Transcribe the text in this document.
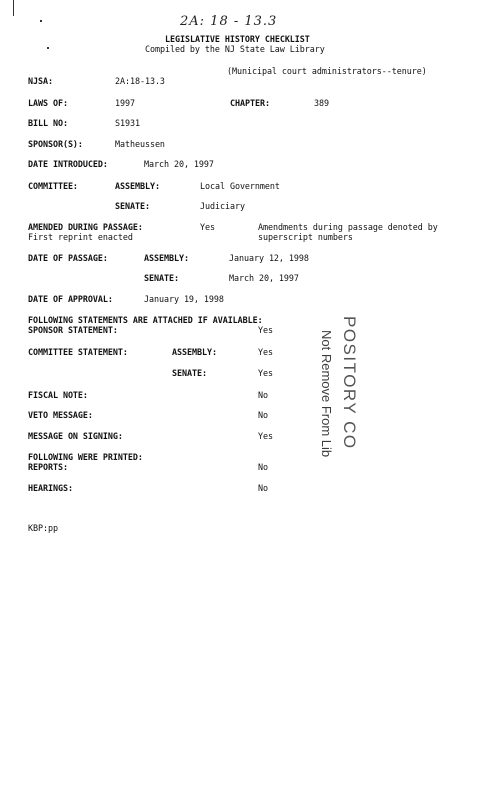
2A: 18 - 13.3
LEGISLATIVE HISTORY CHECKLIST
Compiled by the NJ State Law Library
(Municipal court administrators--tenure)
NJSA:	2A:18-13.3
LAWS OF:	1997	CHAPTER:	389
BILL NO:	S1931
SPONSOR(S):	Matheussen
DATE INTRODUCED:	March 20, 1997
COMMITTEE:	ASSEMBLY:	Local Government
SENATE:	Judiciary
AMENDED DURING PASSAGE:	Yes	Amendments during passage denoted by
First reprint enacted	superscript numbers
DATE OF PASSAGE:	ASSEMBLY:	January 12, 1998
SENATE:	March 20, 1997
DATE OF APPROVAL:	January 19, 1998
FOLLOWING STATEMENTS ARE ATTACHED IF AVAILABLE:
SPONSOR STATEMENT:	Yes
COMMITTEE STATEMENT:	ASSEMBLY:	Yes
SENATE:	Yes
FISCAL NOTE:	No
VETO MESSAGE:	No
MESSAGE ON SIGNING:	Yes
FOLLOWING WERE PRINTED:
REPORTS:	No
HEARINGS:	No
KBP:pp
POSITORY CO
Not Remove From Lib
